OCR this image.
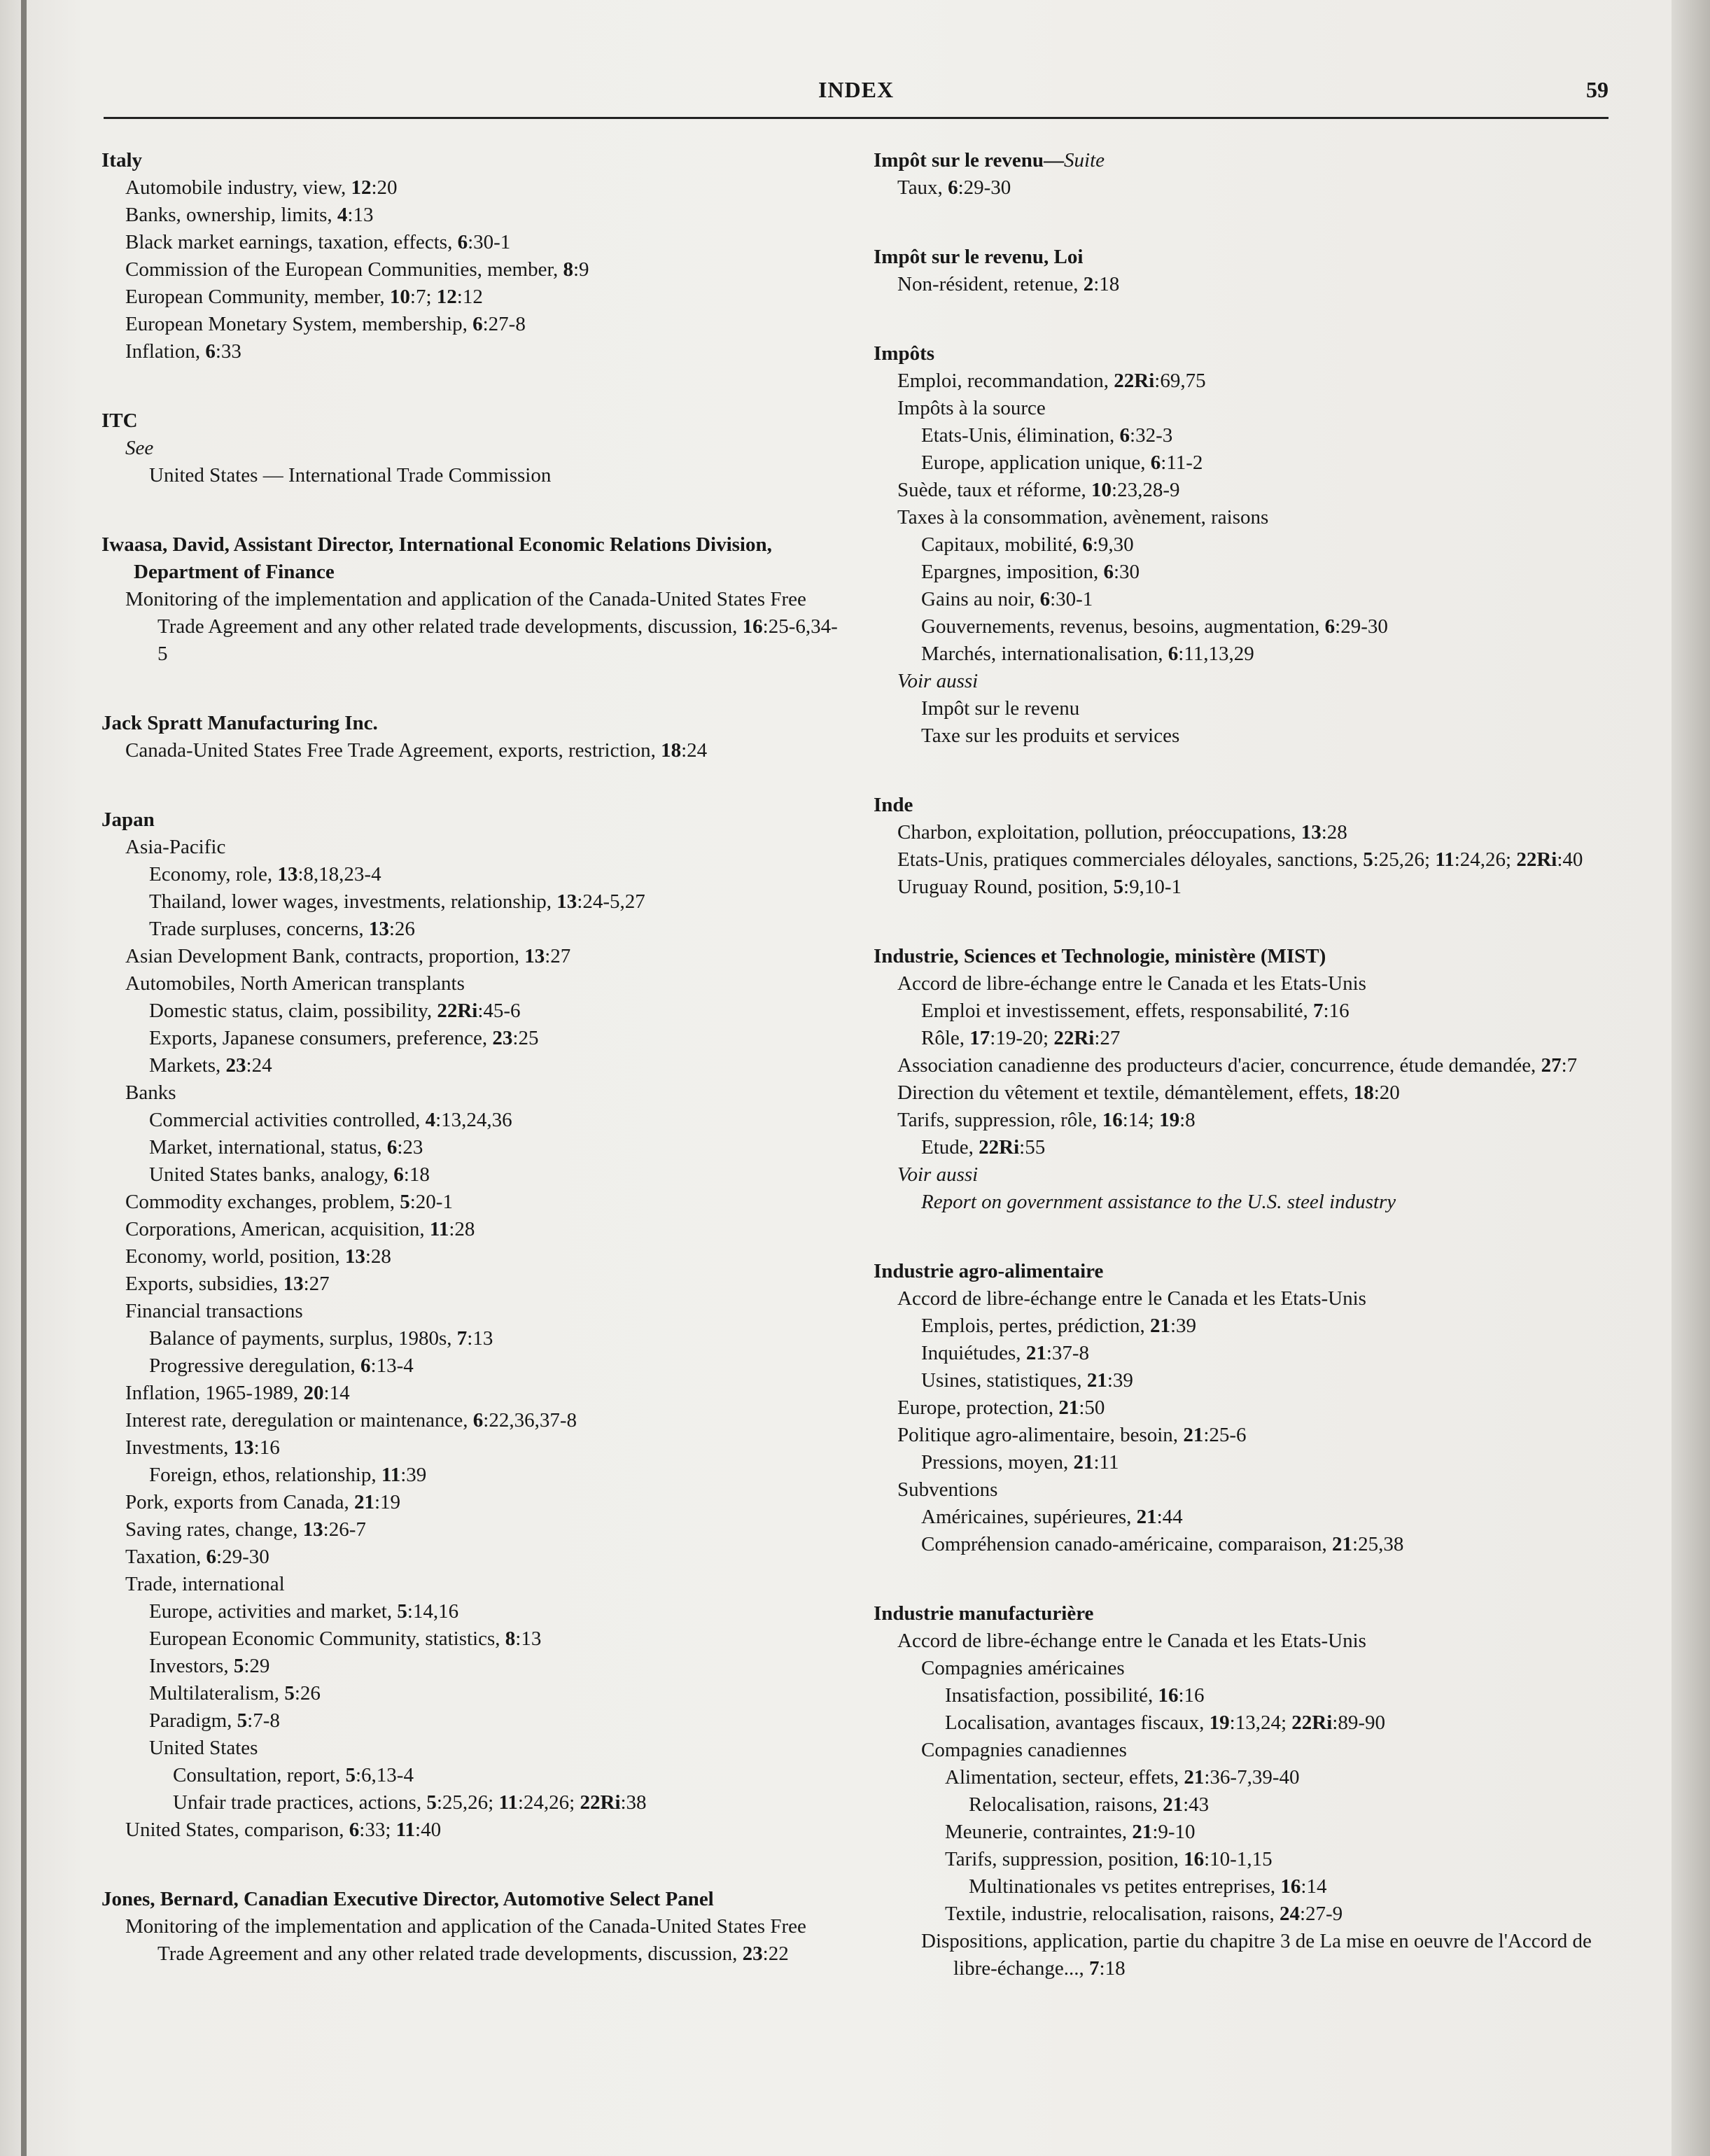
INDEX	59
Italy
Automobile industry, view, 12:20
Banks, ownership, limits, 4:13
Black market earnings, taxation, effects, 6:30-1
Commission of the European Communities, member, 8:9
European Community, member, 10:7; 12:12
European Monetary System, membership, 6:27-8
Inflation, 6:33
ITC
See
United States — International Trade Commission
Iwaasa, David, Assistant Director, International Economic Relations Division, Department of Finance
Monitoring of the implementation and application of the Canada-United States Free Trade Agreement and any other related trade developments, discussion, 16:25-6,34-5
Jack Spratt Manufacturing Inc.
Canada-United States Free Trade Agreement, exports, restriction, 18:24
Japan
Asia-Pacific
Economy, role, 13:8,18,23-4
Thailand, lower wages, investments, relationship, 13:24-5,27
Trade surpluses, concerns, 13:26
Asian Development Bank, contracts, proportion, 13:27
Automobiles, North American transplants
Domestic status, claim, possibility, 22Ri:45-6
Exports, Japanese consumers, preference, 23:25
Markets, 23:24
Banks
Commercial activities controlled, 4:13,24,36
Market, international, status, 6:23
United States banks, analogy, 6:18
Commodity exchanges, problem, 5:20-1
Corporations, American, acquisition, 11:28
Economy, world, position, 13:28
Exports, subsidies, 13:27
Financial transactions
Balance of payments, surplus, 1980s, 7:13
Progressive deregulation, 6:13-4
Inflation, 1965-1989, 20:14
Interest rate, deregulation or maintenance, 6:22,36,37-8
Investments, 13:16
Foreign, ethos, relationship, 11:39
Pork, exports from Canada, 21:19
Saving rates, change, 13:26-7
Taxation, 6:29-30
Trade, international
Europe, activities and market, 5:14,16
European Economic Community, statistics, 8:13
Investors, 5:29
Multilateralism, 5:26
Paradigm, 5:7-8
United States
Consultation, report, 5:6,13-4
Unfair trade practices, actions, 5:25,26; 11:24,26; 22Ri:38
United States, comparison, 6:33; 11:40
Jones, Bernard, Canadian Executive Director, Automotive Select Panel
Monitoring of the implementation and application of the Canada-United States Free Trade Agreement and any other related trade developments, discussion, 23:22
Impôt sur le revenu—Suite
Taux, 6:29-30
Impôt sur le revenu, Loi
Non-résident, retenue, 2:18
Impôts
Emploi, recommandation, 22Ri:69,75
Impôts à la source
Etats-Unis, élimination, 6:32-3
Europe, application unique, 6:11-2
Suède, taux et réforme, 10:23,28-9
Taxes à la consommation, avènement, raisons
Capitaux, mobilité, 6:9,30
Epargnes, imposition, 6:30
Gains au noir, 6:30-1
Gouvernements, revenus, besoins, augmentation, 6:29-30
Marchés, internationalisation, 6:11,13,29
Voir aussi
Impôt sur le revenu
Taxe sur les produits et services
Inde
Charbon, exploitation, pollution, préoccupations, 13:28
Etats-Unis, pratiques commerciales déloyales, sanctions, 5:25,26; 11:24,26; 22Ri:40
Uruguay Round, position, 5:9,10-1
Industrie, Sciences et Technologie, ministère (MIST)
Accord de libre-échange entre le Canada et les Etats-Unis
Emploi et investissement, effets, responsabilité, 7:16
Rôle, 17:19-20; 22Ri:27
Association canadienne des producteurs d'acier, concurrence, étude demandée, 27:7
Direction du vêtement et textile, démantèlement, effets, 18:20
Tarifs, suppression, rôle, 16:14; 19:8
Etude, 22Ri:55
Voir aussi
Report on government assistance to the U.S. steel industry
Industrie agro-alimentaire
Accord de libre-échange entre le Canada et les Etats-Unis
Emplois, pertes, prédiction, 21:39
Inquiétudes, 21:37-8
Usines, statistiques, 21:39
Europe, protection, 21:50
Politique agro-alimentaire, besoin, 21:25-6
Pressions, moyen, 21:11
Subventions
Américaines, supérieures, 21:44
Compréhension canado-américaine, comparaison, 21:25,38
Industrie manufacturière
Accord de libre-échange entre le Canada et les Etats-Unis
Compagnies américaines
Insatisfaction, possibilité, 16:16
Localisation, avantages fiscaux, 19:13,24; 22Ri:89-90
Compagnies canadiennes
Alimentation, secteur, effets, 21:36-7,39-40
Relocalisation, raisons, 21:43
Meunerie, contraintes, 21:9-10
Tarifs, suppression, position, 16:10-1,15
Multinationales vs petites entreprises, 16:14
Textile, industrie, relocalisation, raisons, 24:27-9
Dispositions, application, partie du chapitre 3 de La mise en oeuvre de l'Accord de libre-échange..., 7:18
